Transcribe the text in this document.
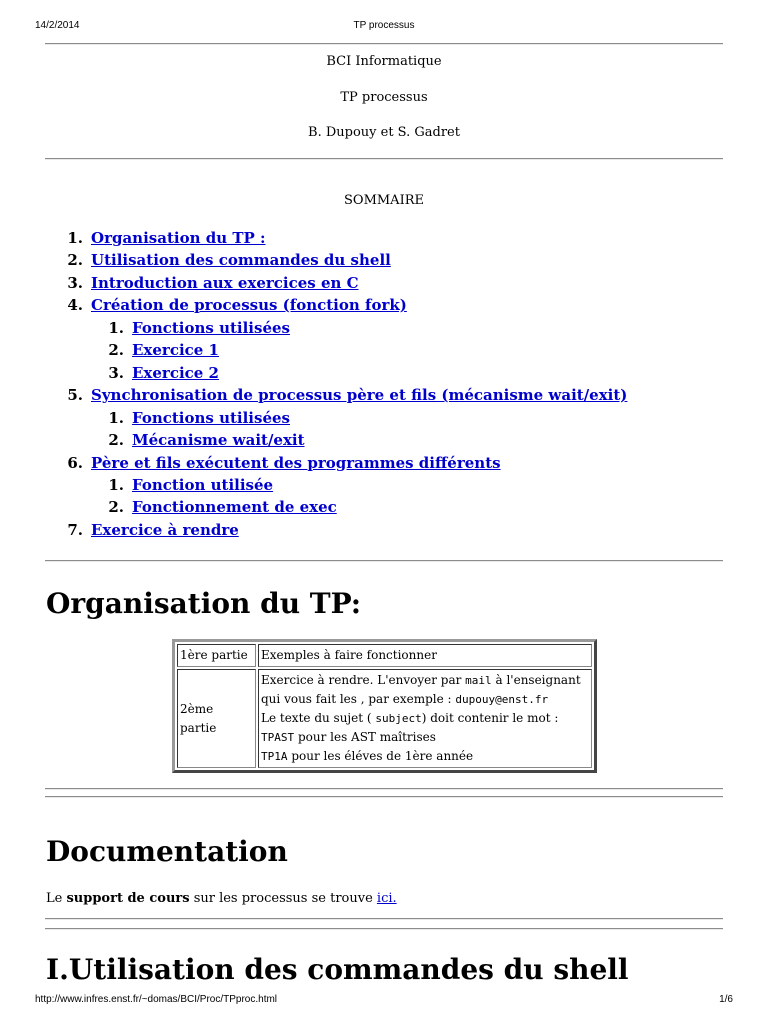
14/2/2014	TP processus
BCI Informatique
TP processus
B. Dupouy et S. Gadret
SOMMAIRE
1. Organisation du TP :
2. Utilisation des commandes du shell
3. Introduction aux exercices en C
4. Création de processus (fonction fork)
1. Fonctions utilisées
2. Exercice 1
3. Exercice 2
5. Synchronisation de processus père et fils (mécanisme wait/exit)
1. Fonctions utilisées
2. Mécanisme wait/exit
6. Père et fils exécutent des programmes différents
1. Fonction utilisée
2. Fonctionnement de exec
7. Exercice à rendre
Organisation du TP:
1ère partie	Exemples à faire fonctionner
2ème partie	Exercice à rendre. L'envoyer par mail à l'enseignant
qui vous fait les , par exemple : dupouy@enst.fr
Le texte du sujet ( subject) doit contenir le mot :
TPAST pour les AST maîtrises
TP1A pour les éléves de 1ère année
Documentation
Le support de cours sur les processus se trouve ici.
I.Utilisation des commandes du shell
http://www.infres.enst.fr/~domas/BCI/Proc/TPproc.html	1/6
